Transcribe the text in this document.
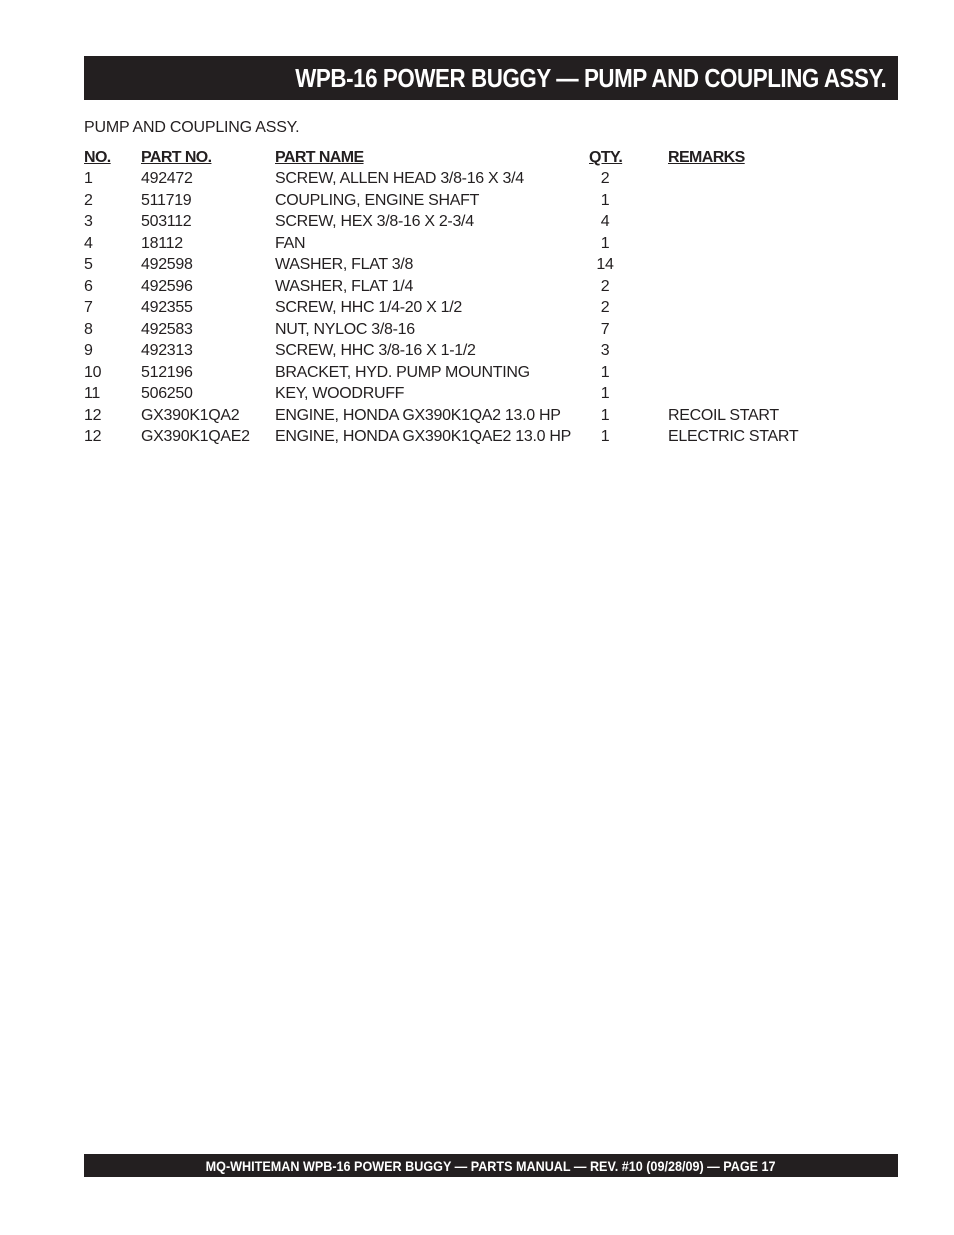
WPB-16 POWER BUGGY — PUMP AND COUPLING ASSY.
PUMP AND COUPLING ASSY.
NO. PART NO.	PART NAME	QTY.	REMARKS
1	492472	SCREW, ALLEN HEAD 3/8-16 X 3/4	2
2	511719	COUPLING, ENGINE SHAFT	1
3	503112	SCREW, HEX 3/8-16 X 2-3/4	4
4	18112	FAN	1
5	492598	WASHER, FLAT 3/8	14
6	492596	WASHER, FLAT 1/4	2
7	492355	SCREW, HHC 1/4-20 X 1/2	2
8	492583	NUT, NYLOC 3/8-16	7
9	492313	SCREW, HHC 3/8-16 X 1-1/2	3
10 512196	BRACKET, HYD. PUMP MOUNTING	1
11	506250	KEY, WOODRUFF	1
12 GX390K1QA2 ENGINE, HONDA GX390K1QA2 13.0 HP	1	RECOIL START
12 GX390K1QAE2 ENGINE, HONDA GX390K1QAE2 13.0 HP	1	ELECTRIC START
MQ-WHITEMAN WPB-16 POWER BUGGY — PARTS MANUAL — REV. #10 (09/28/09) — PAGE 17
